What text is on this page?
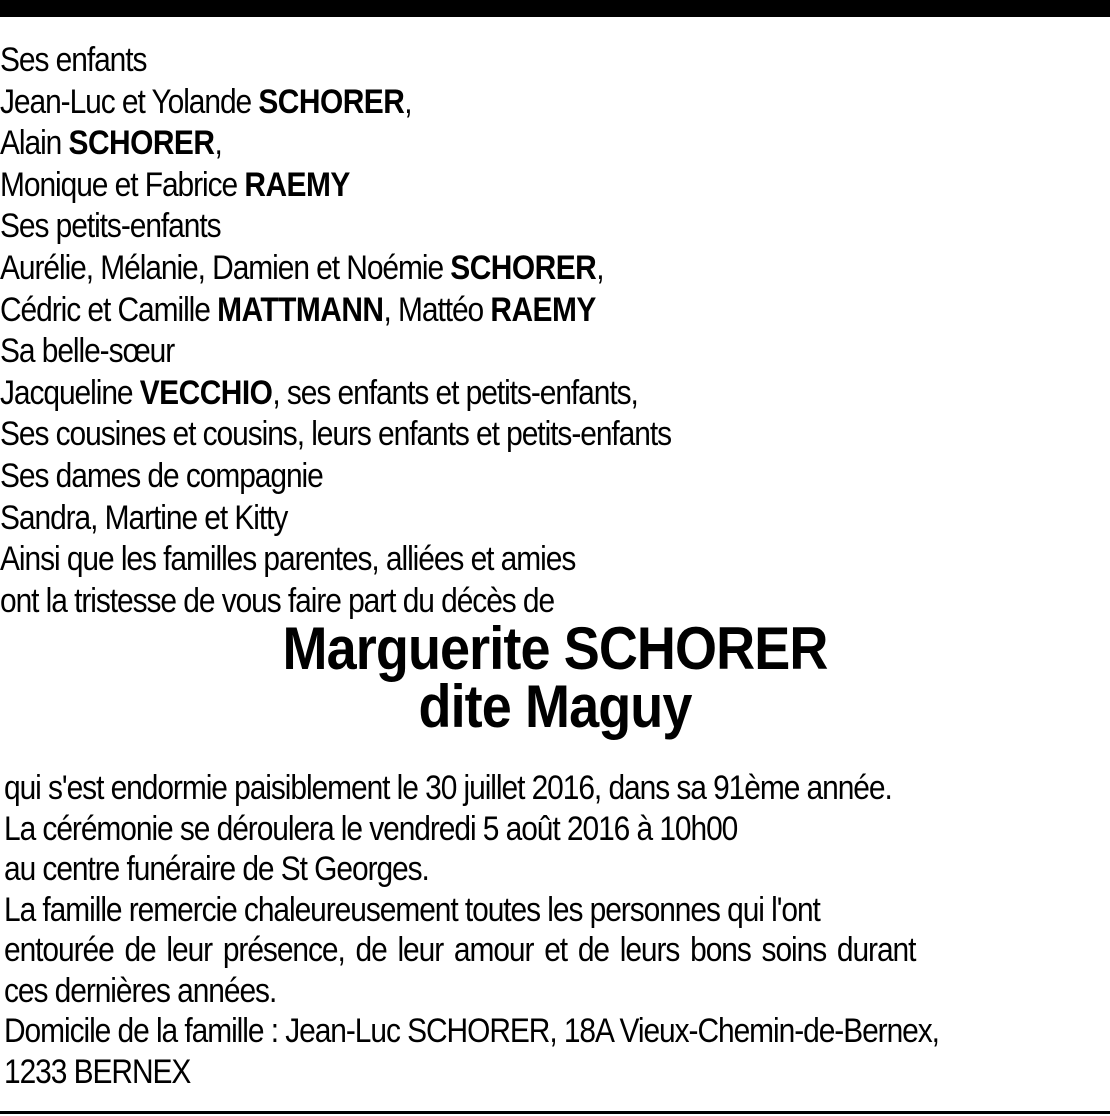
Ses enfants
Jean-Luc et Yolande SCHORER,
Alain SCHORER,
Monique et Fabrice RAEMY
Ses petits-enfants
Aurélie, Mélanie, Damien et Noémie SCHORER,
Cédric et Camille MATTMANN, Mattéo RAEMY
Sa belle-sœur
Jacqueline VECCHIO, ses enfants et petits-enfants,
Ses cousines et cousins, leurs enfants et petits-enfants
Ses dames de compagnie
Sandra, Martine et Kitty
Ainsi que les familles parentes, alliées et amies
ont la tristesse de vous faire part du décès de
Marguerite SCHORER
dite Maguy
qui s'est endormie paisiblement le 30 juillet 2016, dans sa 91ème année.
La cérémonie se déroulera le vendredi 5 août 2016 à 10h00
au centre funéraire de St Georges.
La famille remercie chaleureusement toutes les personnes qui l'ont
entourée de leur présence, de leur amour et de leurs bons soins durant
ces dernières années.
Domicile de la famille : Jean-Luc SCHORER, 18A Vieux-Chemin-de-Bernex,
1233 BERNEX
